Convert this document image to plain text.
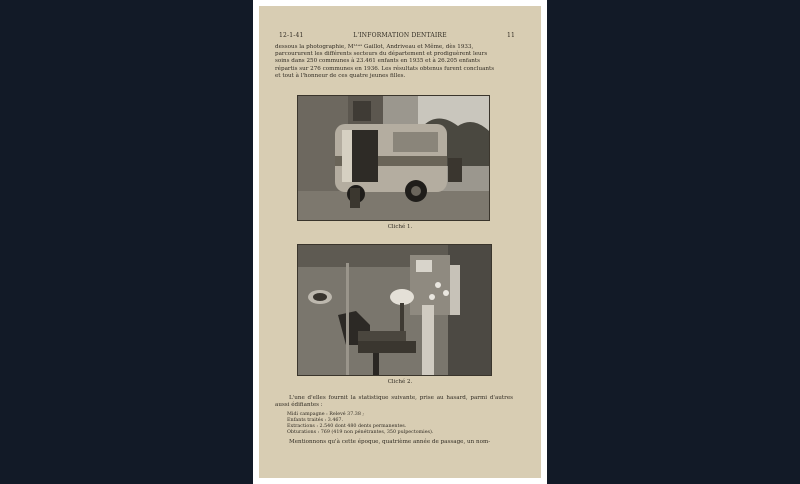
12-1-41	L'INFORMATION DENTAIRE	11
dessous la photographie, Mᴸᴸᵉˢ Gaillot, Andriveau et Même, dès 1933,
parcoururent les différents secteurs du département et prodiguèrent leurs
soins dans 250 communes à 23.461 enfants en 1935 et à 26.205 enfants
répartis sur 276 communes en 1936. Les résultats obtenus furent concluants
et tout à l'honneur de ces quatre jeunes filles.
Cliché 1.
Cliché 2.
L'une d'elles fournit la statistique suivante, prise au hasard, parmi d'autres aussi édifiantes :
Midi campagne : Relevé 37.38 ;
Enfants traités : 3.467.
Extractions : 2.540 dont 480 dents permanentes.
Obturations : 769 (419 non pénétrantes, 350 pulpectomies).
Mentionnons qu'à cette époque, quatrième année de passage, un nom-
